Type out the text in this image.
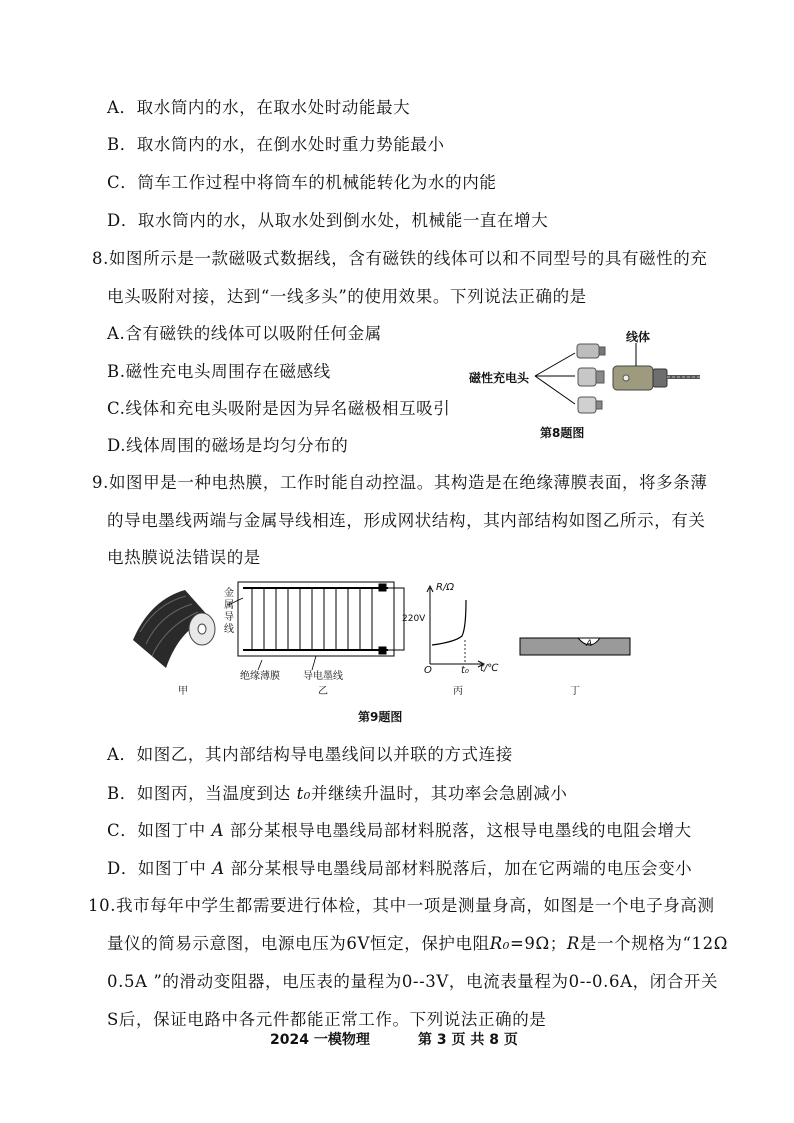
A．取水筒内的水，在取水处时动能最大
B．取水筒内的水，在倒水处时重力势能最小
C．筒车工作过程中将筒车的机械能转化为水的内能
D．取水筒内的水，从取水处到倒水处，机械能一直在增大
8.如图所示是一款磁吸式数据线，含有磁铁的线体可以和不同型号的具有磁性的充
电头吸附对接，达到“一线多头”的使用效果。下列说法正确的是
A.含有磁铁的线体可以吸附任何金属
B.磁性充电头周围存在磁感线
C.线体和充电头吸附是因为异名磁极相互吸引
D.线体周围的磁场是均匀分布的
线体
磁性充电头
第8题图
9.如图甲是一种电热膜，工作时能自动控温。其构造是在绝缘薄膜表面，将多条薄
的导电墨线两端与金属导线相连，形成网状结构，其内部结构如图乙所示，有关
电热膜说法错误的是
金属导线
220V
绝缘薄膜 导电墨线
R/Ω
t/℃
O	t₀
A
甲	乙	丙	丁
第9题图
A．如图乙，其内部结构导电墨线间以并联的方式连接
B．如图丙，当温度到达 t₀并继续升温时，其功率会急剧减小
C．如图丁中 A 部分某根导电墨线局部材料脱落，这根导电墨线的电阻会增大
D．如图丁中 A 部分某根导电墨线局部材料脱落后，加在它两端的电压会变小
10.我市每年中学生都需要进行体检，其中一项是测量身高，如图是一个电子身高测
量仪的简易示意图，电源电压为6V恒定，保护电阻R₀=9Ω；R是一个规格为“12Ω
0.5A ”的滑动变阻器，电压表的量程为0--3V，电流表量程为0--0.6A，闭合开关
S后，保证电路中各元件都能正常工作。下列说法正确的是
2024 一模物理	第 3 页 共 8 页
